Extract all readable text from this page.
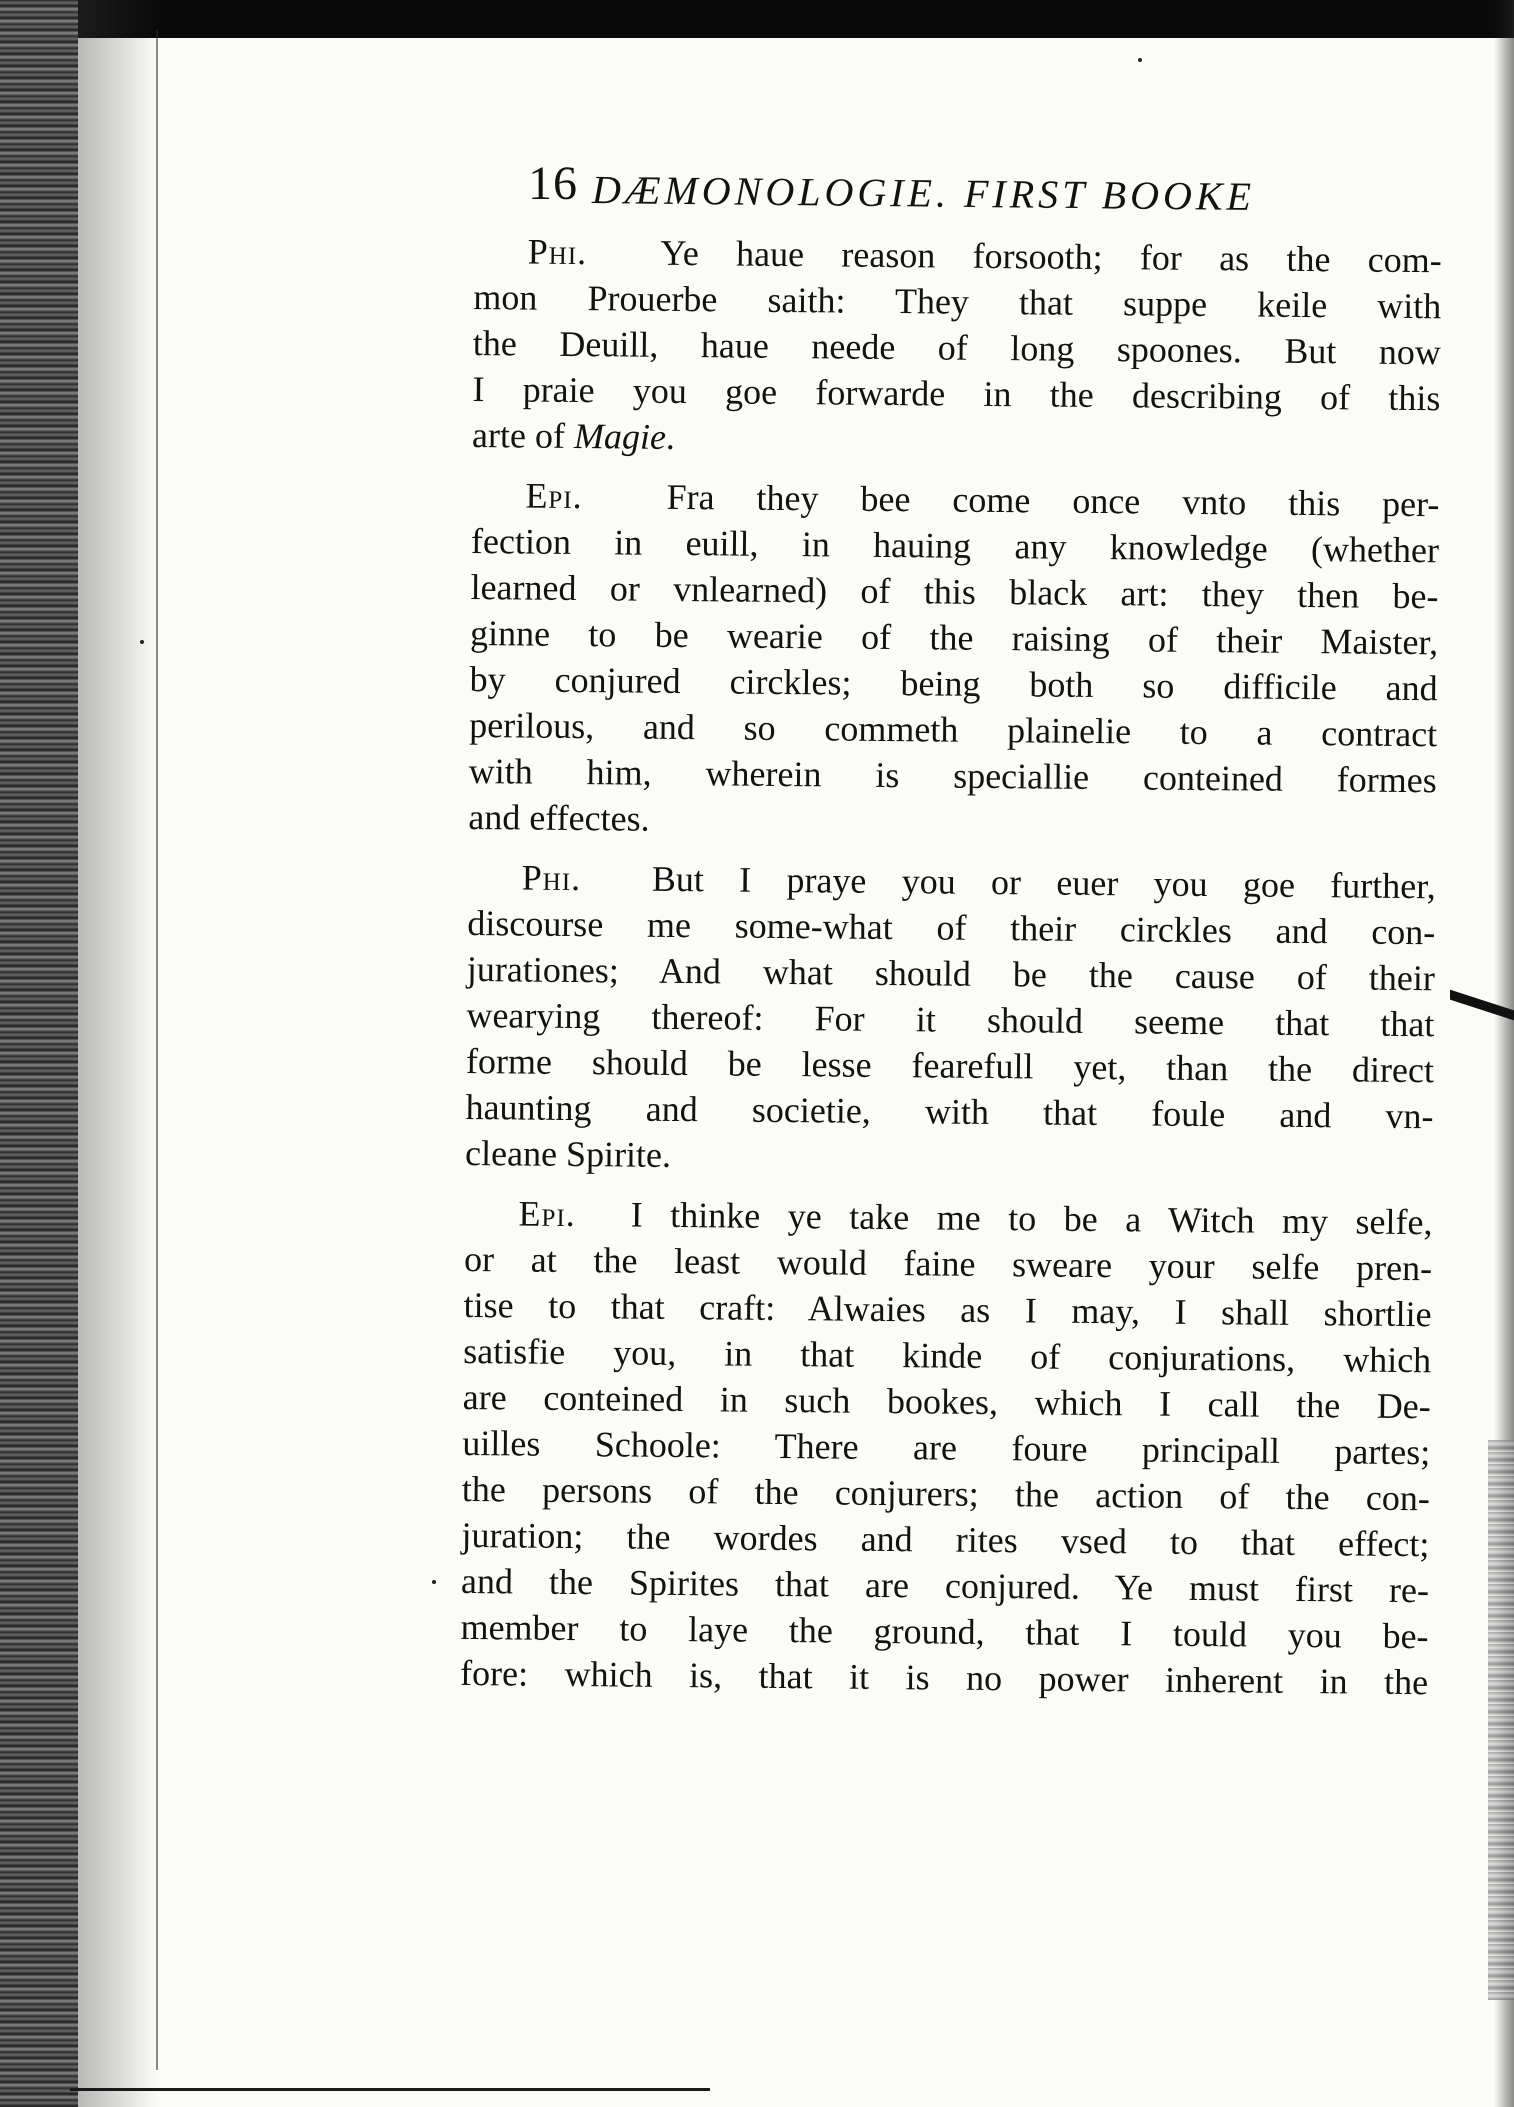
16 DÆMONOLOGIE. FIRST BOOKE
Phi. Ye haue reason forsooth; for as the com-
mon Prouerbe saith: They that suppe keile with
the Deuill, haue neede of long spoones. But now
I praie you goe forwarde in the describing of this
arte of Magie.
Epi. Fra they bee come once vnto this per-
fection in euill, in hauing any knowledge (whether
learned or vnlearned) of this black art: they then be-
ginne to be wearie of the raising of their Maister,
by conjured circkles; being both so difficile and
perilous, and so commeth plainelie to a contract
with him, wherein is speciallie conteined formes
and effectes.
Phi. But I praye you or euer you goe further,
discourse me some-what of their circkles and con-
jurationes; And what should be the cause of their
wearying thereof: For it should seeme that that
forme should be lesse fearefull yet, than the direct
haunting and societie, with that foule and vn-
cleane Spirite.
Epi. I thinke ye take me to be a Witch my selfe,
or at the least would faine sweare your selfe pren-
tise to that craft: Alwaies as I may, I shall shortlie
satisfie you, in that kinde of conjurations, which
are conteined in such bookes, which I call the De-
uilles Schoole: There are foure principall partes;
the persons of the conjurers; the action of the con-
juration; the wordes and rites vsed to that effect;
and the Spirites that are conjured. Ye must first re-
member to laye the ground, that I tould you be-
fore: which is, that it is no power inherent in the
